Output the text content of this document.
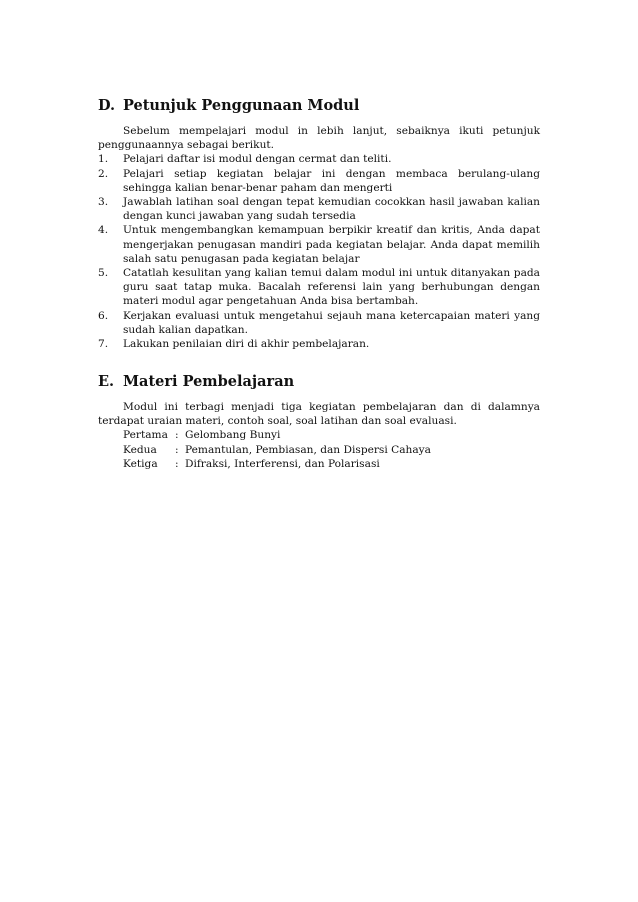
D. Petunjuk Penggunaan Modul

Sebelum mempelajari modul in lebih lanjut, sebaiknya ikuti petunjuk penggunaannya sebagai berikut.

1.	Pelajari daftar isi modul dengan cermat dan teliti.
2.	Pelajari setiap kegiatan belajar ini dengan membaca berulang-ulang sehingga kalian benar-benar paham dan mengerti
3.	Jawablah latihan soal dengan tepat kemudian cocokkan hasil jawaban kalian dengan kunci jawaban yang sudah tersedia
4.	Untuk mengembangkan kemampuan berpikir kreatif dan kritis, Anda dapat mengerjakan penugasan mandiri pada kegiatan belajar. Anda dapat memilih salah satu penugasan pada kegiatan belajar
5.	Catatlah kesulitan yang kalian temui dalam modul ini untuk ditanyakan pada guru saat tatap muka. Bacalah referensi lain yang berhubungan dengan materi modul agar pengetahuan Anda bisa bertambah.
6.	Kerjakan evaluasi untuk mengetahui sejauh mana ketercapaian materi yang sudah kalian dapatkan.
7.	Lakukan penilaian diri di akhir pembelajaran.
E. Materi Pembelajaran

Modul ini terbagi menjadi tiga kegiatan pembelajaran dan di dalamnya terdapat uraian materi, contoh soal, soal latihan dan soal evaluasi.

Pertama : Gelombang Bunyi
Kedua	: Pemantulan, Pembiasan, dan Dispersi Cahaya
Ketiga	: Difraksi, Interferensi, dan Polarisasi
